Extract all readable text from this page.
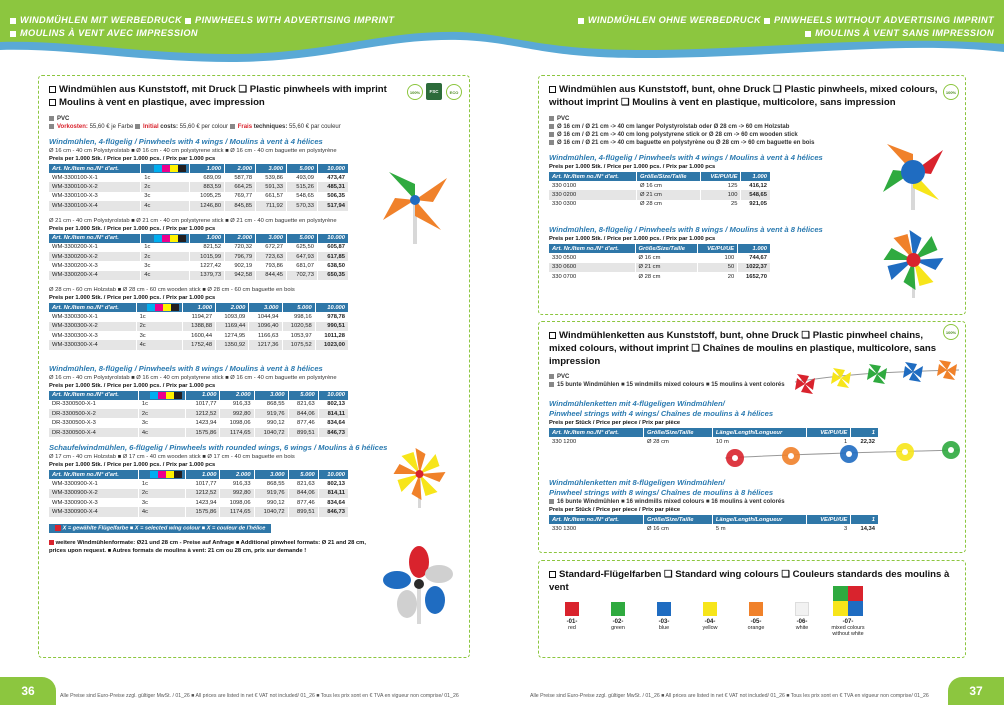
WINDMÜHLEN MIT WERBEDRUCK PINWHEELS WITH ADVERTISING IMPRINT
MOULINS À VENT AVEC IMPRESSION
WINDMÜHLEN OHNE WERBEDRUCK PINWHEELS WITHOUT ADVERTISING IMPRINT
MOULINS À VENT SANS IMPRESSION
Windmühlen aus Kunststoff, mit Druck ❑ Plastic pinwheels with imprint
Moulins à vent en plastique, avec impression
100%	FSC	ECO
PVC
Vorkosten: 55,60 € je Farbe Initial costs: 55,60 € per colour Frais techniques: 55,60 € par couleur
Windmühlen, 4-flügelig / Pinwheels with 4 wings / Moulins à vent à 4 hélices
Ø 16 cm - 40 cm Polystyrolstab ■ Ø 16 cm - 40 cm polystyrene stick ■ Ø 16 cm - 40 cm baguette en polystyrène
Preis per 1.000 Stk. / Price per 1.000 pcs. / Prix par 1.000 pcs
Art. Nr./Item no./N° d'art.		1.000	2.000	3.000	5.000	10.000
WM-3300100-X-1	1c	689,09	587,78	539,86	493,09	473,47
WM-3300100-X-2	2c	883,59	664,25	591,33	515,26	485,31
WM-3300100-X-3	3c	1095,25	769,77	661,57	548,65	506,35
WM-3300100-X-4	4c	1246,80	845,85	711,92	570,33	517,94
Ø 21 cm - 40 cm Polystyrolstab ■ Ø 21 cm - 40 cm polystyrene stick ■ Ø 21 cm - 40 cm baguette en polystyrène
Preis per 1.000 Stk. / Price per 1.000 pcs. / Prix par 1.000 pcs
Art. Nr./Item no./N° d'art.		1.000	2.000	3.000	5.000	10.000
WM-3300200-X-1	1c	821,52	720,32	672,27	625,50	605,87
WM-3300200-X-2	2c	1015,99	796,79	723,63	647,93	617,85
WM-3300200-X-3	3c	1227,42	902,19	793,86	681,07	638,50
WM-3300200-X-4	4c	1379,73	942,58	844,45	702,73	650,35
Ø 28 cm - 60 cm Holzstab ■ Ø 28 cm - 60 cm wooden stick ■ Ø 28 cm - 60 cm baguette en bois
Preis per 1.000 Stk. / Price per 1.000 pcs. / Prix par 1.000 pcs
Art. Nr./Item no./N° d'art.		1.000	2.000	3.000	5.000	10.000
WM-3300300-X-1	1c	1194,27	1093,09	1044,94	998,16	978,78
WM-3300300-X-2	2c	1388,88	1169,44	1096,40	1020,58	990,51
WM-3300300-X-3	3c	1600,44	1274,95	1166,63	1053,97	1011,28
WM-3300300-X-4	4c	1752,48	1350,92	1217,36	1075,52	1023,00
Windmühlen, 8-flügelig / Pinwheels with 8 wings / Moulins à vent à 8 hélices
Ø 16 cm - 40 cm Polystyrolstab ■ Ø 16 cm - 40 cm polystyrene stick ■ Ø 16 cm - 40 cm baguette en polystyrène
Preis per 1.000 Stk. / Price per 1.000 pcs. / Prix par 1.000 pcs
Art. Nr./Item no./N° d'art.		1.000	2.000	3.000	5.000	10.000
DR-3300500-X-1	1c	1017,77	916,33	868,55	821,63	802,13
DR-3300500-X-2	2c	1212,52	992,80	919,76	844,06	814,11
DR-3300500-X-3	3c	1423,94	1098,06	990,12	877,46	834,64
DR-3300500-X-4	4c	1575,86	1174,65	1040,72	899,51	846,73
Schaufelwindmühlen, 6-flügelig / Pinwheels with rounded wings, 6 wings / Moulins à 6 hélices
Ø 17 cm - 40 cm Holzstab ■ Ø 17 cm - 40 cm wooden stick ■ Ø 17 cm - 40 cm baguette en bois
Preis per 1.000 Stk. / Price per 1.000 pcs. / Prix par 1.000 pcs
Art. Nr./Item no./N° d'art.		1.000	2.000	3.000	5.000	10.000
WM-3300900-X-1	1c	1017,77	916,33	868,55	821,63	802,13
WM-3300900-X-2	2c	1212,52	992,80	919,76	844,06	814,11
WM-3300900-X-3	3c	1423,94	1098,06	990,12	877,46	834,64
WM-3300900-X-4	4c	1575,86	1174,65	1040,72	899,51	846,73
X = gewählte Flügelfarbe ■ X = selected wing colour ■ X = couleur de l'hélice
weitere Windmühlenformate: Ø21 und 28 cm - Preise auf Anfrage ■ Additional pinwheel formats: Ø 21 and 28 cm,
prices upon request. ■ Autres formats de moulins à vent: 21 cm ou 28 cm, prix sur demande !
Windmühlen aus Kunststoff, bunt, ohne Druck ❑ Plastic pinwheels, mixed colours,
without imprint ❑ Moulins à vent en plastique, multicolore, sans impression
100%
PVC
Ø 16 cm / Ø 21 cm -> 40 cm langer Polystyrolstab oder Ø 28 cm -> 60 cm Holzstab
Ø 16 cm / Ø 21 cm -> 40 cm long polystyrene stick or Ø 28 cm -> 60 cm wooden stick
Ø 16 cm / Ø 21 cm -> 40 cm baguette en polystyrène ou Ø 28 cm -> 60 cm baguette en bois
Windmühlen, 4-flügelig / Pinwheels with 4 wings / Moulins à vent à 4 hélices
Preis per 1.000 Stk. / Price per 1.000 pcs. / Prix par 1.000 pcs
Art. Nr./Item no./N° d'art.	Größe/Size/Taille	VE/PU/UE	1.000
330 0100	Ø 16 cm	125	416,12
330 0200	Ø 21 cm	100	548,65
330 0300	Ø 28 cm	25	921,05
Windmühlen, 8-flügelig / Pinwheels with 8 wings / Moulins à vent à 8 hélices
Preis per 1.000 Stk. / Price per 1.000 pcs. / Prix par 1.000 pcs
Art. Nr./Item no./N° d'art.	Größe/Size/Taille	VE/PU/UE	1.000
330 0500	Ø 16 cm	100	744,67
330 0600	Ø 21 cm	50	1022,37
330 0700	Ø 28 cm	20	1652,70
Windmühlenketten aus Kunststoff, bunt, ohne Druck ❑ Plastic pinwheel chains,
mixed colours, without imprint ❑ Chaînes de moulins en plastique, multicolore, sans impression
100%
PVC
15 bunte Windmühlen ■ 15 windmills mixed colours ■ 15 moulins à vent colorés
Windmühlenketten mit 4-flügeligen Windmühlen/
Pinwheel strings with 4 wings/ Chaînes de moulins à 4 hélices
Preis per Stück / Price per piece / Prix par pièce
Art. Nr./Item no./N° d'art.	Größe/Size/Taille	Länge/Length/Longueur	VE/PU/UE	1
330 1200	Ø 28 cm	10 m	1	22,32
Windmühlenketten mit 8-flügeligen Windmühlen/
Pinwheel strings with 8 wings/ Chaînes de moulins à 8 hélices
16 bunte Windmühlen ■ 16 windmills mixed colours ■ 16 moulins à vent colorés
Preis per Stück / Price per piece / Prix par pièce
Art. Nr./Item no./N° d'art.	Größe/Size/Taille	Länge/Length/Longueur	VE/PU/UE	1
330 1300	Ø 16 cm	5 m	3	14,34
Standard-Flügelfarben ❑ Standard wing colours ❑ Couleurs standards des moulins à vent
-01-
red
-02-
green
-03-
blue
-04-
yellow
-05-
orange
-06-
white
-07-
mixed colours without white
36	Alle Preise sind Euro-Preise zzgl. gültiger MwSt. / 01_26 ■ All prices are listed in net € VAT not included/ 01_26 ■ Tous les prix sont en € TVA en vigueur non comprise/ 01_26	Alle Preise sind Euro-Preise zzgl. gültiger MwSt. / 01_26 ■ All prices are listed in net € VAT not included/ 01_26 ■ Tous les prix sont en € TVA en vigueur non comprise/ 01_26	37
